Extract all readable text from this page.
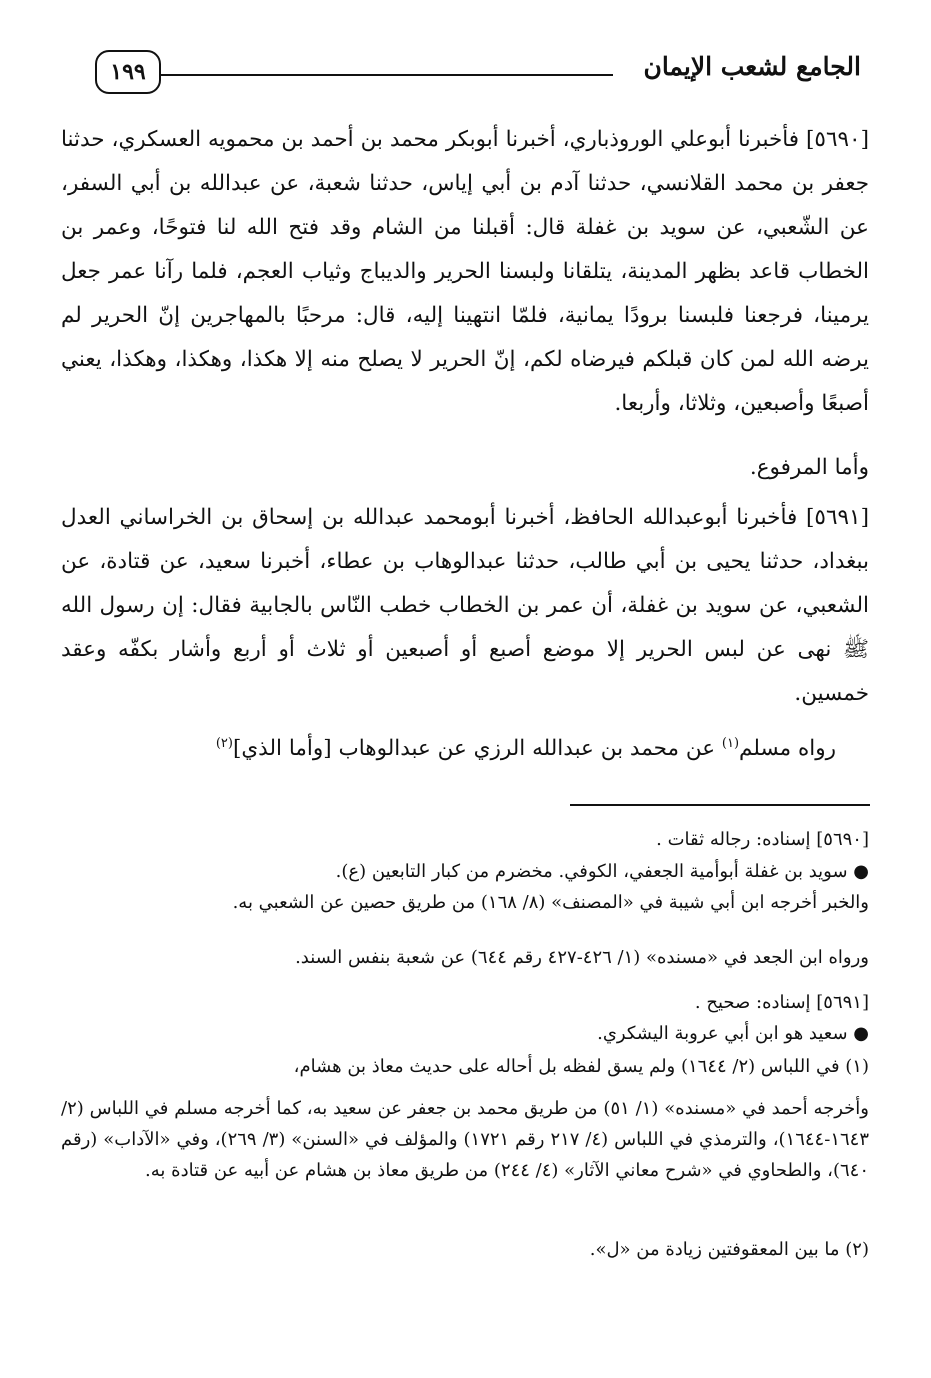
الجامع لشعب الإيمان
١٩٩
[٥٦٩٠] فأخبرنا أبوعلي الوروذباري، أخبرنا أبوبكر محمد بن أحمد بن محمويه العسكري، حدثنا جعفر بن محمد القلانسي، حدثنا آدم بن أبي إياس، حدثنا شعبة، عن عبدالله بن أبي السفر، عن الشّعبي، عن سويد بن غفلة قال: أقبلنا من الشام وقد فتح الله لنا فتوحًا، وعمر بن الخطاب قاعد بظهر المدينة، يتلقانا ولبسنا الحرير والديباج وثياب العجم، فلما رآنا عمر جعل يرمينا، فرجعنا فلبسنا برودًا يمانية، فلمّا انتهينا إليه، قال: مرحبًا بالمهاجرين إنّ الحرير لم يرضه الله لمن كان قبلكم فيرضاه لكم، إنّ الحرير لا يصلح منه إلا هكذا، وهكذا، وهكذا، يعني أصبعًا وأصبعين، وثلاثا، وأربعا.
وأما المرفوع.
[٥٦٩١] فأخبرنا أبوعبدالله الحافظ، أخبرنا أبومحمد عبدالله بن إسحاق بن الخراساني العدل ببغداد، حدثنا يحيى بن أبي طالب، حدثنا عبدالوهاب بن عطاء، أخبرنا سعيد، عن قتادة، عن الشعبي، عن سويد بن غفلة، أن عمر بن الخطاب خطب النّاس بالجابية فقال: إن رسول الله ﷺ نهى عن لبس الحرير إلا موضع أصبع أو أصبعين أو ثلاث أو أربع وأشار بكفّه وعقد خمسين.
رواه مسلم$^{(١)}$ عن محمد بن عبدالله الرزي عن عبدالوهاب [وأما الذي]$^{(٢)}$
[٥٦٩٠] إسناده: رجاله ثقات .
● سويد بن غفلة أبوأمية الجعفي، الكوفي. مخضرم من كبار التابعين (ع).
والخبر أخرجه ابن أبي شيبة في «المصنف» (٨/ ١٦٨) من طريق حصين عن الشعبي به.
ورواه ابن الجعد في «مسنده» (١/ ٤٢٦-٤٢٧ رقم ٦٤٤) عن شعبة بنفس السند.
[٥٦٩١] إسناده: صحيح .
● سعيد هو ابن أبي عروبة اليشكري.
(١) في اللباس (٢/ ١٦٤٤) ولم يسق لفظه بل أحاله على حديث معاذ بن هشام،
وأخرجه أحمد في «مسنده» (١/ ٥١) من طريق محمد بن جعفر عن سعيد به، كما أخرجه مسلم في اللباس (٢/ ١٦٤٣-١٦٤٤)، والترمذي في اللباس (٤/ ٢١٧ رقم ١٧٢١) والمؤلف في «السنن» (٣/ ٢٦٩)، وفي «الآداب» (رقم ٦٤٠)، والطحاوي في «شرح معاني الآثار» (٤/ ٢٤٤) من طريق معاذ بن هشام عن أبيه عن قتادة به.
(٢) ما بين المعقوفتين زيادة من «ل».
